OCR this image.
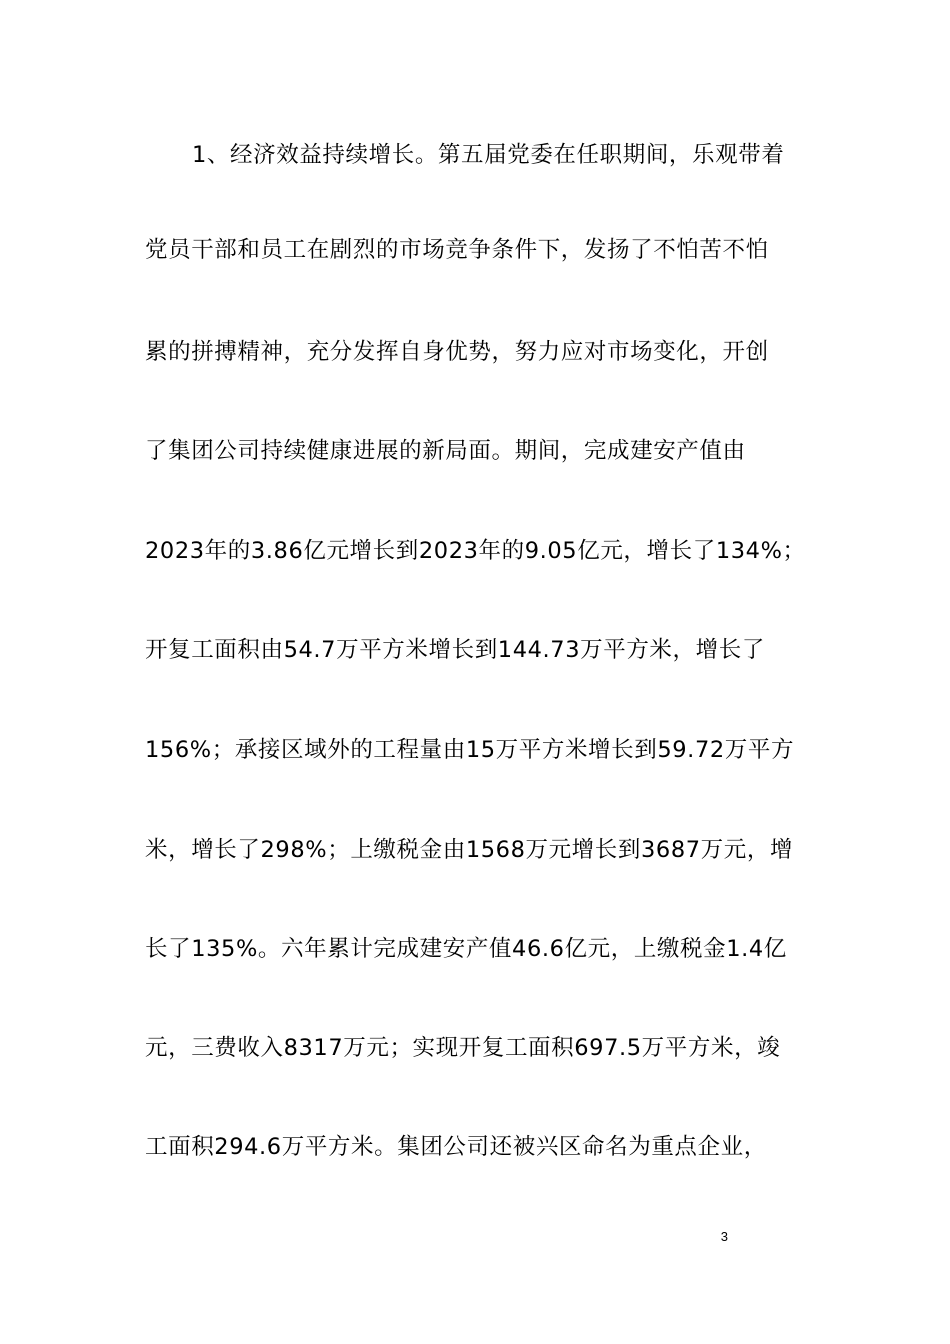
1、经济效益持续增长。第五届党委在任职期间，乐观带着
党员干部和员工在剧烈的市场竞争条件下，发扬了不怕苦不怕
累的拼搏精神，充分发挥自身优势，努力应对市场变化，开创
了集团公司持续健康进展的新局面。期间，完成建安产值由
2023年的3.86亿元增长到2023年的9.05亿元，增长了134%；
开复工面积由54.7万平方米增长到144.73万平方米，增长了
156%；承接区域外的工程量由15万平方米增长到59.72万平方
米，增长了298%；上缴税金由1568万元增长到3687万元，增
长了135%。六年累计完成建安产值46.6亿元，上缴税金1.4亿
元，三费收入8317万元；实现开复工面积697.5万平方米，竣
工面积294.6万平方米。集团公司还被兴区命名为重点企业，
3
